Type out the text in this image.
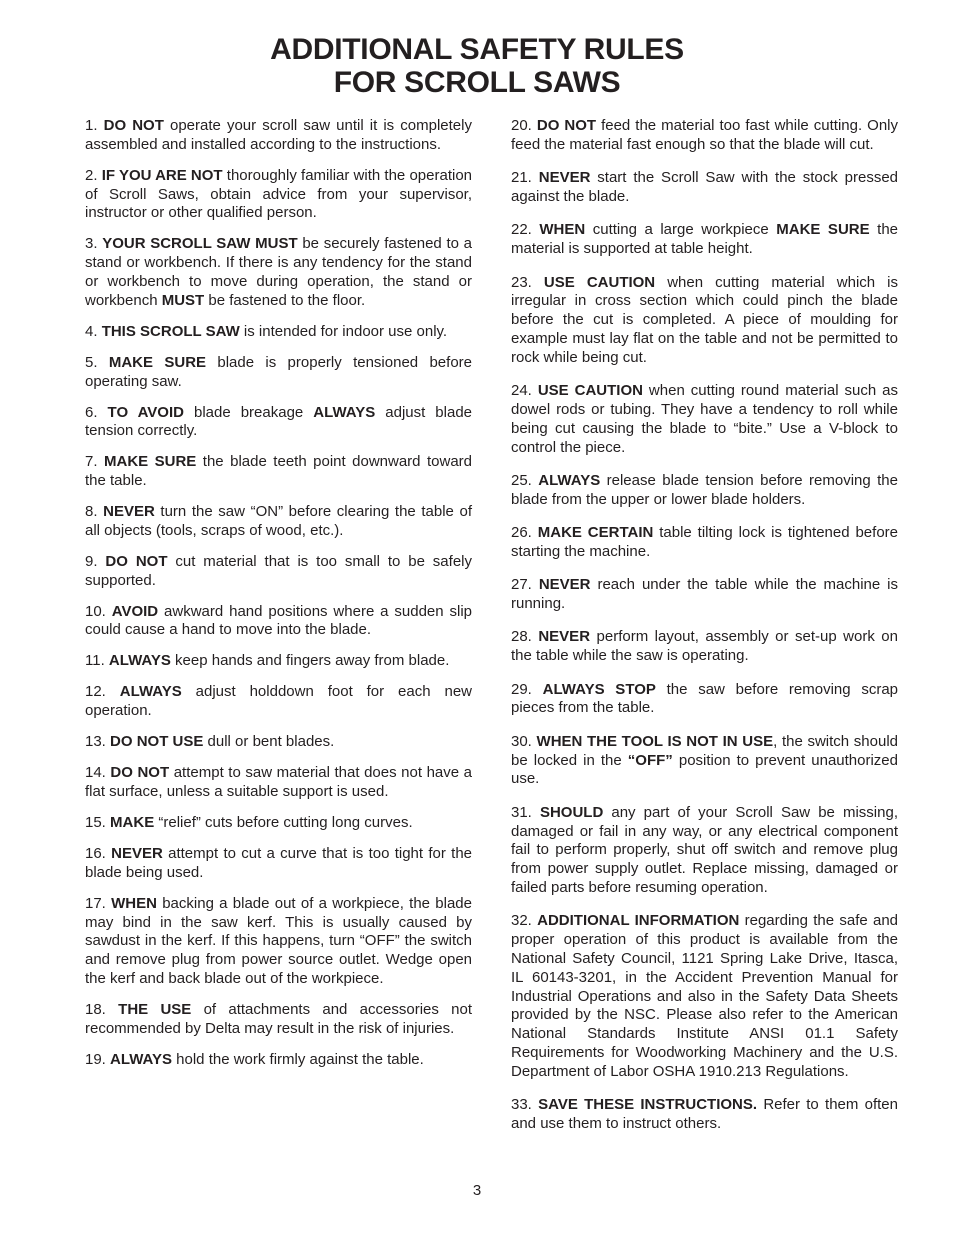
ADDITIONAL SAFETY RULES
FOR SCROLL SAWS

1. DO NOT operate your scroll saw until it is completely assembled and installed according to the instructions.

2. IF YOU ARE NOT thoroughly familiar with the operation of Scroll Saws, obtain advice from your supervisor, instructor or other qualified person.

3. YOUR SCROLL SAW MUST be securely fastened to a stand or workbench. If there is any tendency for the stand or workbench to move during operation, the stand or workbench MUST be fastened to the floor.

4. THIS SCROLL SAW is intended for indoor use only.

5. MAKE SURE blade is properly tensioned before operating saw.

6. TO AVOID blade breakage ALWAYS adjust blade tension correctly.

7. MAKE SURE the blade teeth point downward toward the table.

8. NEVER turn the saw “ON” before clearing the table of all objects (tools, scraps of wood, etc.).

9. DO NOT cut material that is too small to be safely supported.

10. AVOID awkward hand positions where a sudden slip could cause a hand to move into the blade.

11. ALWAYS keep hands and fingers away from blade.

12. ALWAYS adjust holddown foot for each new operation.

13. DO NOT USE dull or bent blades.

14. DO NOT attempt to saw material that does not have a flat surface, unless a suitable support is used.

15. MAKE “relief” cuts before cutting long curves.

16. NEVER attempt to cut a curve that is too tight for the blade being used.

17. WHEN backing a blade out of a workpiece, the blade may bind in the saw kerf. This is usually caused by sawdust in the kerf. If this happens, turn “OFF” the switch and remove plug from power source outlet. Wedge open the kerf and back blade out of the workpiece.

18. THE USE of attachments and accessories not recommended by Delta may result in the risk of injuries.

19. ALWAYS hold the work firmly against the table.

20. DO NOT feed the material too fast while cutting. Only feed the material fast enough so that the blade will cut.

21. NEVER start the Scroll Saw with the stock pressed against the blade.

22. WHEN cutting a large workpiece MAKE SURE the material is supported at table height.

23. USE CAUTION when cutting material which is irregular in cross section which could pinch the blade before the cut is completed. A piece of moulding for example must lay flat on the table and not be permitted to rock while being cut.

24. USE CAUTION when cutting round material such as dowel rods or tubing. They have a tendency to roll while being cut causing the blade to “bite.” Use a V-block to control the piece.

25. ALWAYS release blade tension before removing the blade from the upper or lower blade holders.

26. MAKE CERTAIN table tilting lock is tightened before starting the machine.

27. NEVER reach under the table while the machine is running.

28. NEVER perform layout, assembly or set-up work on the table while the saw is operating.

29. ALWAYS STOP the saw before removing scrap pieces from the table.

30. WHEN THE TOOL IS NOT IN USE, the switch should be locked in the “OFF” position to prevent unauthorized use.

31. SHOULD any part of your Scroll Saw be missing, damaged or fail in any way, or any electrical component fail to perform properly, shut off switch and remove plug from power supply outlet. Replace missing, damaged or failed parts before resuming operation.

32. ADDITIONAL INFORMATION regarding the safe and proper operation of this product is available from the National Safety Council, 1121 Spring Lake Drive, Itasca, IL 60143-3201, in the Accident Prevention Manual for Industrial Operations and also in the Safety Data Sheets provided by the NSC. Please also refer to the American National Standards Institute ANSI 01.1 Safety Requirements for Woodworking Machinery and the U.S. Department of Labor OSHA 1910.213 Regulations.

33. SAVE THESE INSTRUCTIONS. Refer to them often and use them to instruct others.

3
